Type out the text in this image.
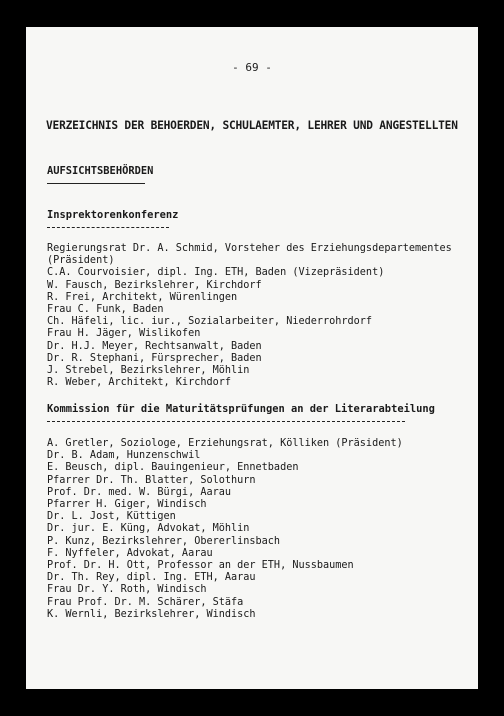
- 69 -
VERZEICHNIS DER BEHOERDEN, SCHULAEMTER, LEHRER UND ANGESTELLTEN
AUFSICHTSBEHÖRDEN
Insprektorenkonferenz
Regierungsrat Dr. A. Schmid, Vorsteher des Erziehungsdepartementes
(Präsident)
C.A. Courvoisier, dipl. Ing. ETH, Baden (Vizepräsident)
W. Fausch, Bezirkslehrer, Kirchdorf
R. Frei, Architekt, Würenlingen
Frau C. Funk, Baden
Ch. Häfeli, lic. iur., Sozialarbeiter, Niederrohrdorf
Frau H. Jäger, Wislikofen
Dr. H.J. Meyer, Rechtsanwalt, Baden
Dr. R. Stephani, Fürsprecher, Baden
J. Strebel, Bezirkslehrer, Möhlin
R. Weber, Architekt, Kirchdorf
Kommission für die Maturitätsprüfungen an der Literarabteilung
A. Gretler, Soziologe, Erziehungsrat, Kölliken (Präsident)
Dr. B. Adam, Hunzenschwil
E. Beusch, dipl. Bauingenieur, Ennetbaden
Pfarrer Dr. Th. Blatter, Solothurn
Prof. Dr. med. W. Bürgi, Aarau
Pfarrer H. Giger, Windisch
Dr. L. Jost, Küttigen
Dr. jur. E. Küng, Advokat, Möhlin
P. Kunz, Bezirkslehrer, Obererlinsbach
F. Nyffeler, Advokat, Aarau
Prof. Dr. H. Ott, Professor an der ETH, Nussbaumen
Dr. Th. Rey, dipl. Ing. ETH, Aarau
Frau Dr. Y. Roth, Windisch
Frau Prof. Dr. M. Schärer, Stäfa
K. Wernli, Bezirkslehrer, Windisch
